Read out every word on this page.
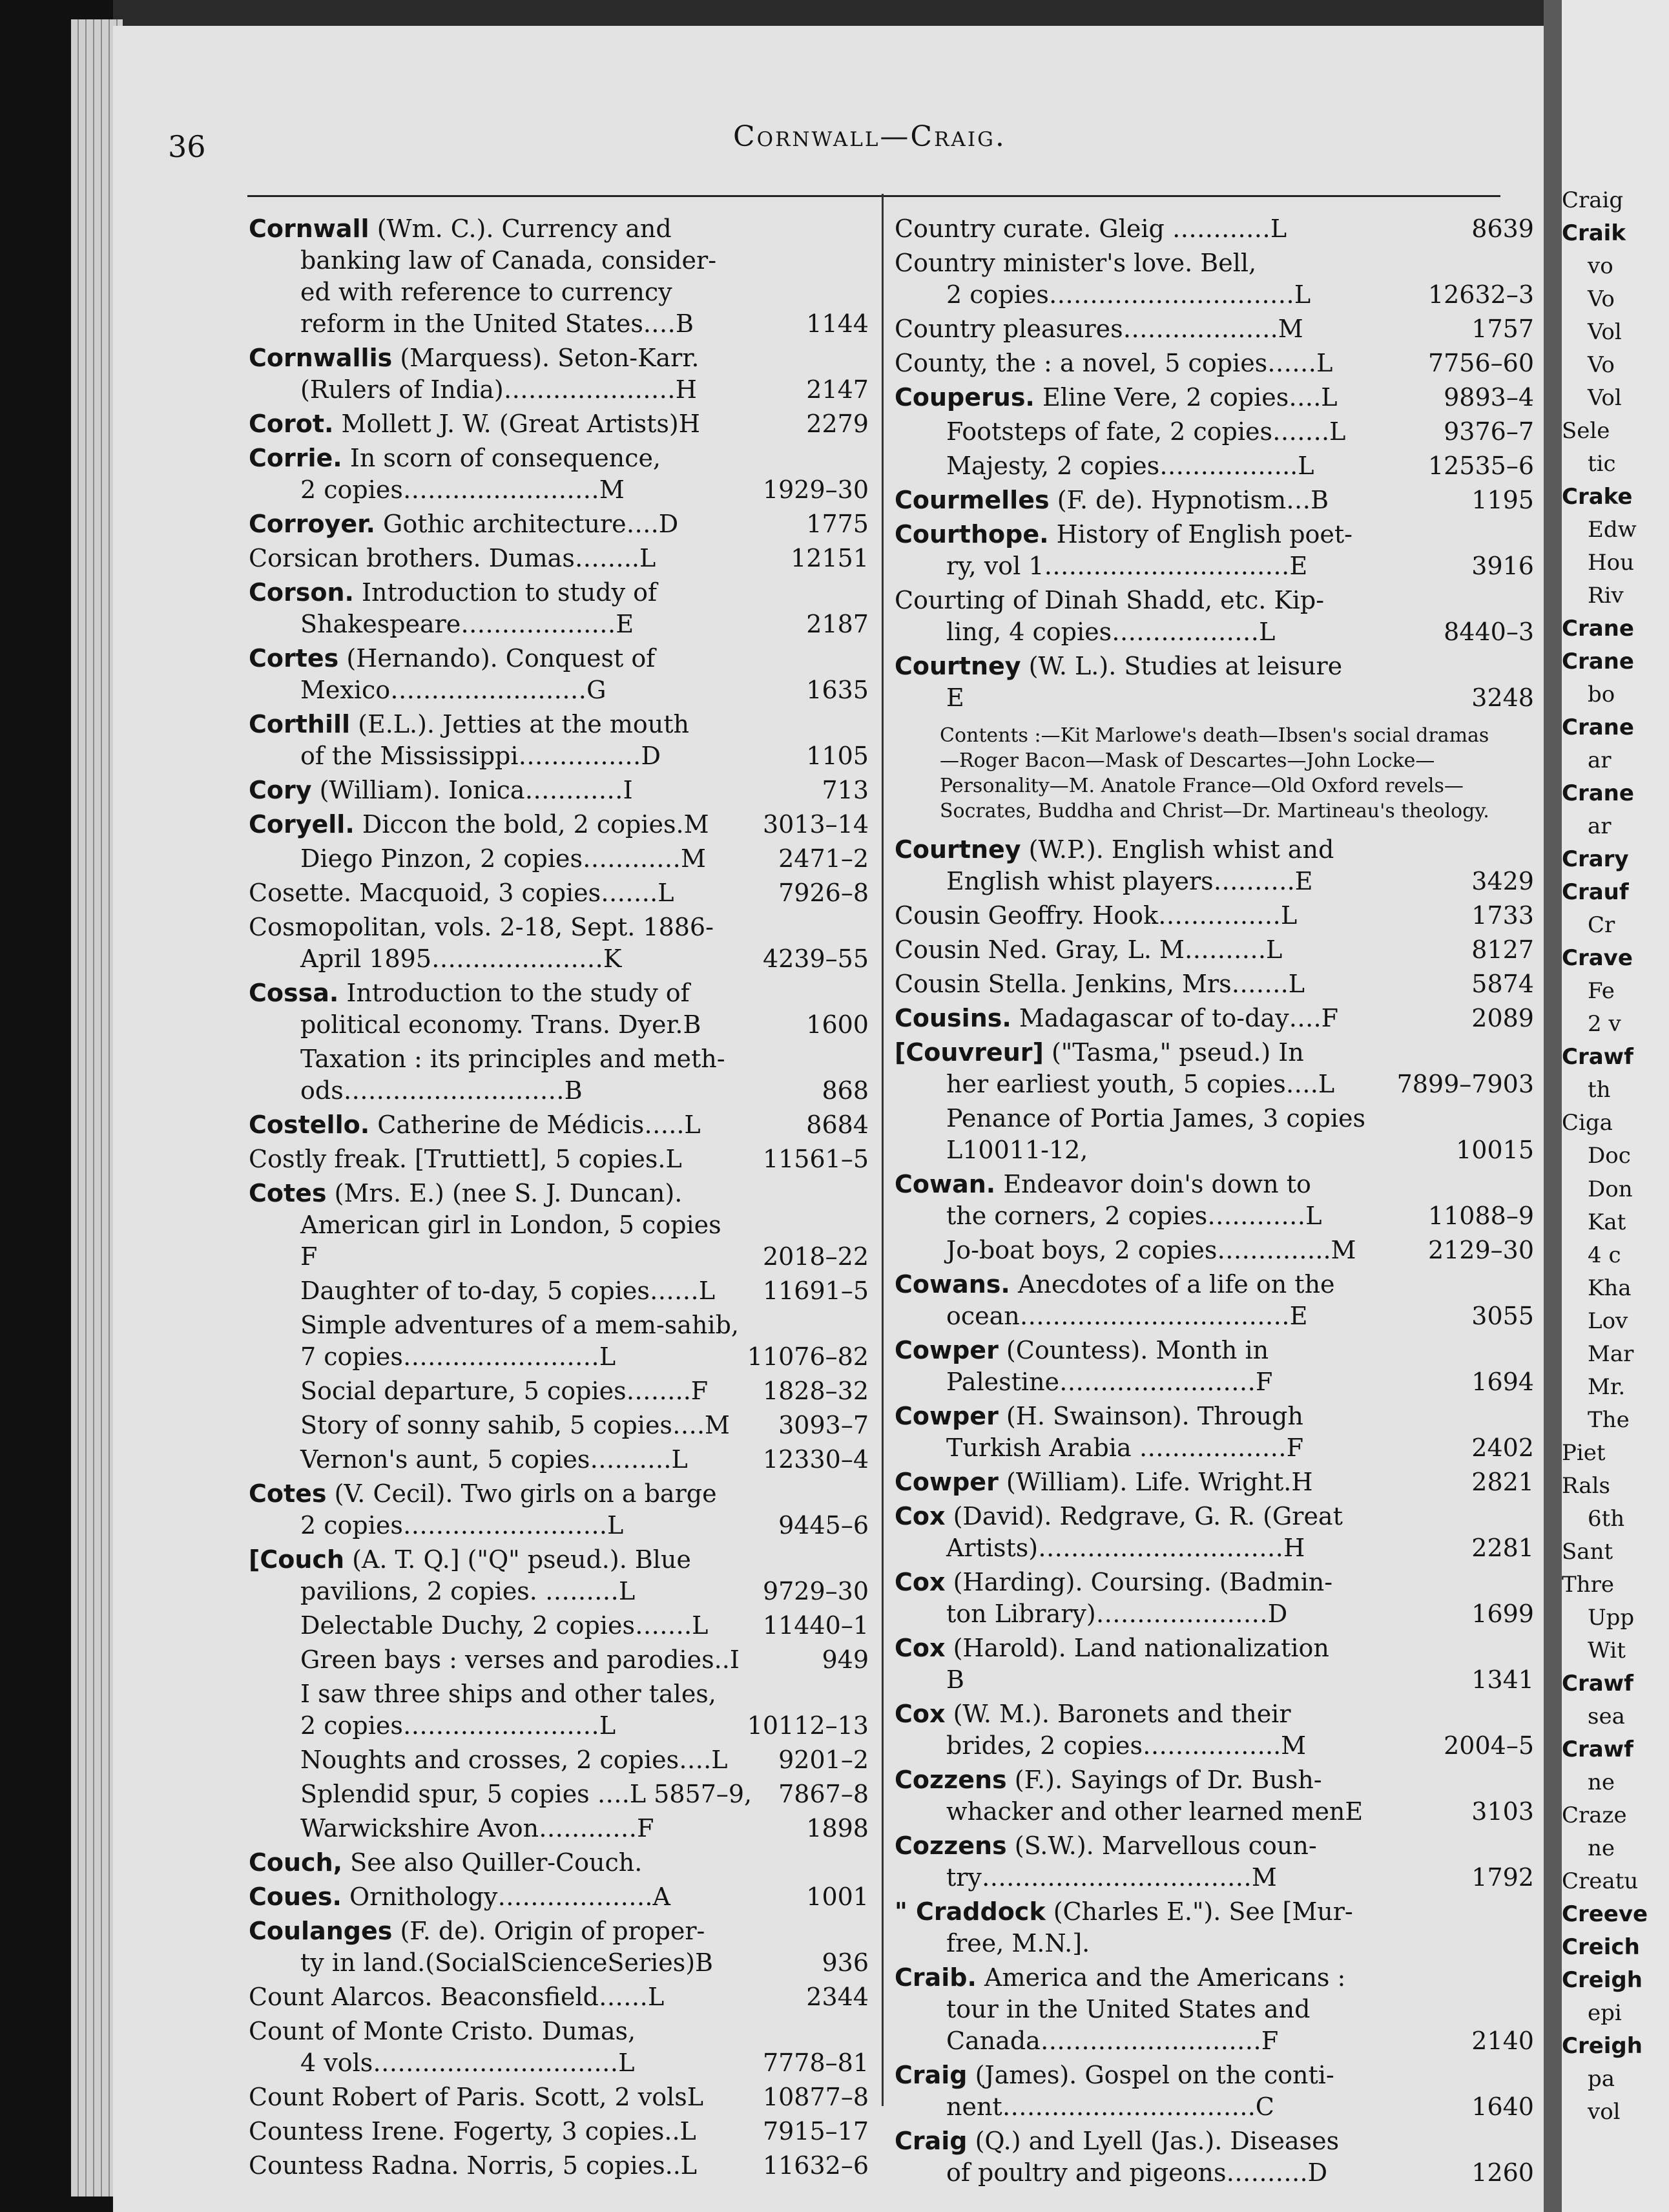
Craig
Craik
vo
Vo
Vol
Vo
Vol
Sele
tic
Crake
Edw
Hou
Riv
Crane
Crane
bo
Crane
ar
Crane
ar
Crary
Crauf
Cr
Crave
Fe
2 v
Crawf
th
Ciga
Doc
Don
Kat
4 c
Kha
Lov
Mar
Mr.
The
Piet
Rals
6th
Sant
Thre
Upp
Wit
Crawf
sea
Crawf
ne
Craze
ne
Creatu
Creeve
Creich
Creigh
epi
Creigh
pa
vol
36	Cornwall—Craig.
Cornwall (Wm. C.). Currency and
banking law of Canada, consider-
ed with reference to currency
reform in the United States.…B	1144
Cornwallis (Marquess). Seton-Karr.
(Rulers of India)…………………H	2147
Corot. Mollett J. W. (Great Artists)H	2279
Corrie. In scorn of consequence,
2 copies……………………M	1929–30
Corroyer. Gothic architecture….D	1775
Corsican brothers. Dumas……..L	12151
Corson. Introduction to study of
Shakespeare…………….…E	2187
Cortes (Hernando). Conquest of
Mexico……………………G	1635
Corthill (E.L.). Jetties at the mouth
of the Mississippi……………D	1105
Cory (William). Ionica…………I	713
Coryell. Diccon the bold, 2 copies.M 3013–14
Diego Pinzon, 2 copies…………M	2471–2
Cosette. Macquoid, 3 copies…….L	7926–8
Cosmopolitan, vols. 2-18, Sept. 1886-
April 1895…………………K	4239–55
Cossa. Introduction to the study of
political economy. Trans. Dyer.B	1600
Taxation : its principles and meth-
ods………………………B	868
Costello. Catherine de Médicis…..L	8684
Costly freak. [Truttiett], 5 copies.L	11561–5
Cotes (Mrs. E.) (nee S. J. Duncan).
American girl in London, 5 copies
F	2018–22
Daughter of to-day, 5 copies……L 11691–5
Simple adventures of a mem-sahib,
7 copies……………………L	11076–82
Social departure, 5 copies……..F 1828–32
Story of sonny sahib, 5 copies….M 3093–7
Vernon's aunt, 5 copies……….L	12330–4
Cotes (V. Cecil). Two girls on a barge
2 copies…………………….L	9445–6
[Couch (A. T. Q.] ("Q" pseud.). Blue
pavilions, 2 copies. ………L	9729–30
Delectable Duchy, 2 copies…….L 11440–1
Green bays : verses and parodies..I	949
I saw three ships and other tales,
2 copies……………………L	10112–13
Noughts and crosses, 2 copies….L 9201–2
Splendid spur, 5 copies ….L 5857–9, 7867–8
Warwickshire Avon…………F	1898
Couch, See also Quiller-Couch.
Coues. Ornithology……………….A	1001
Coulanges (F. de). Origin of proper-
ty in land.(SocialScienceSeries)B	936
Count Alarcos. Beaconsfield……L	2344
Count of Monte Cristo. Dumas,
4 vols…………………………L	7778–81
Count Robert of Paris. Scott, 2 volsL 10877–8
Countess Irene. Fogerty, 3 copies..L	7915–17
Countess Radna. Norris, 5 copies..L	11632–6
Country curate. Gleig …………L	8639
Country minister's love. Bell,
2 copies…………………………L	12632–3
Country pleasures……………….M	1757
County, the : a novel, 5 copies……L	7756–60
Couperus. Eline Vere, 2 copies….L	9893–4
Footsteps of fate, 2 copies…….L	9376–7
Majesty, 2 copies……………..L	12535–6
Courmelles (F. de). Hypnotism…B	1195
Courthope. History of English poet-
ry, vol 1…………………………E	3916
Courting of Dinah Shadd, etc. Kip-
ling, 4 copies………………L	8440–3
Courtney (W. L.). Studies at leisure
E	3248
Contents :—Kit Marlowe's death—Ibsen's social dramas—Roger Bacon—Mask of Descartes—John Locke—Personality—M. Anatole France—Old Oxford revels—Socrates, Buddha and Christ—Dr. Martineau's theology.
Courtney (W.P.). English whist and
English whist players……….E	3429
Cousin Geoffry. Hook……………L	1733
Cousin Ned. Gray, L. M……….L	8127
Cousin Stella. Jenkins, Mrs…….L	5874
Cousins. Madagascar of to-day….F	2089
[Couvreur] ("Tasma," pseud.) In
her earliest youth, 5 copies….L	7899–7903
Penance of Portia James, 3 copies
L10011-12,	10015
Cowan. Endeavor doin's down to
the corners, 2 copies…………L	11088–9
Jo-boat boys, 2 copies…………..M	2129–30
Cowans. Anecdotes of a life on the
ocean……………………………E	3055
Cowper (Countess). Month in
Palestine……………………F	1694
Cowper (H. Swainson). Through
Turkish Arabia ………………F	2402
Cowper (William). Life. Wright.H	2821
Cox (David). Redgrave, G. R. (Great
Artists)…………………………H	2281
Cox (Harding). Coursing. (Badmin-
ton Library)…………………D	1699
Cox (Harold). Land nationalization
B	1341
Cox (W. M.). Baronets and their
brides, 2 copies……………..M	2004–5
Cozzens (F.). Sayings of Dr. Bush-
whacker and other learned menE	3103
Cozzens (S.W.). Marvellous coun-
try……………………………M	1792
" Craddock (Charles E."). See [Mur-
free, M.N.].
Craib. America and the Americans :
tour in the United States and
Canada………………………F	2140
Craig (James). Gospel on the conti-
nent………………………….C	1640
Craig (Q.) and Lyell (Jas.). Diseases
of poultry and pigeons……….D	1260
